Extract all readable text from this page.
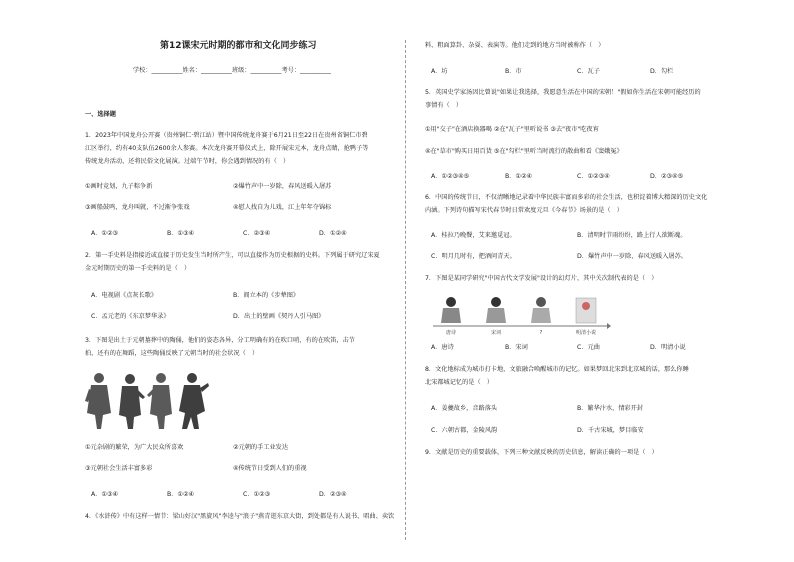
第12课宋元时期的都市和文化同步练习
学校：__________姓名：__________班级：__________考号：__________
一、选择题
1．2023年中国龙舟公开赛（贵州铜仁·碧江站）暨中国传统龙舟赛于6月21日至22日在贵州省铜仁市碧
江区举行，约有40支队伍2600余人参赛。本次龙舟赛开幕仪式上，除开展宋元本，龙舟点睛，抢鸭子等
传统龙舟活动，还将民俗文化展演。过端午节时，你会遇到情况的有（　）
①画时竞划，九子粽争新	②爆竹声中一岁除，春风送暖入屠苏
③画船鼓鸣，龙舟叫就，不过渐争张戏	④慰人找自为儿戏，江上年年夺锦标
A．①②③	B．①③④	C．②③④	D．①②④
2．第一手史料是指接近或直接于历史发生当时所产生，可以直接作为历史根据的史料。下列属于研究辽宋夏
金元时期历史的第一手史料的是（　）
A．电视剧《点灰长歌》	B．阎立本的《步辇图》
C．孟元老的《东京梦华录》	D．出土的壁画《契丹人引马图》
3．下图是出土于元朝墓葬中的陶俑，他们的姿态各异，分工明确有的在吹口哨，有的在吹笛，击节
拍，还有的在舞蹈，这些陶俑反映了元朝当时的社会状况（　）
①元杂剧的繁荣，为广大民众所喜欢	②元朝的手工业发达
③元朝社会生活丰富多彩	④传统节日受到人们的重视
A．①③④	B．①②④	C．①②③	D．②③④
4．《水浒传》中有这样一情节：梁山好汉"黑旋风"李逵与"浪子"燕青逛东京大街，到处都是有人说书、唱曲、卖饮
料、粗面算卦、杂耍、表演等。他们走到的地方当时被称作（　）
A．坊	B．市	C．瓦子	D．勾栏
5．英国史学家汤因比曾说"如果让我选择，我愿意生活在中国的宋朝！"假如你生活在宋朝可能经历的
事情有（　）
①用"交子"在酒店换器喝 ②在"瓦子"里听说书 ③去"夜市"吃夜宵
④在"草市"购买日用百货 ⑤在"勾栏"里听当时流行的散曲和看《窦娥冤》
A．①②③④⑤	B．①②④	C．①②③④	D．②③④⑤
6．中国的传统节日，不仅清晰地记录着中华民族丰富而多彩的社会生活，也积淀着博大精深的历史文化
内涵。下列诗句描写宋代春节时日常欢度元旦《今春节》场景的是（　）
A．桂拉乃晚餐，艾来邀觅冠。	B．清明时节雨纷纷，路上行人欲断魂。
C．明月几时有，把酒问青天。	D．爆竹声中一岁除，春风送暖入屠苏。
7．下图是某同学研究"中国古代文学发展"设计的幻灯片，其中关次制代表的是（　）
唐诗	宋词	?	明清小说
A．唐诗	B．宋词	C．元曲	D．明清小说
8．文化地标成为城市打卡地，文旅融合唤醒城市的记忆。如果梦回北宋到北京城的话，那么你睡
北宋都城记忆的是（　）
A．姜夔故乡，音路落头	B．繁华汴水，情彩开封
C．六朝古都，金陵风韵	D．千古宋城，梦目临安
9．文献是历史的重要载体，下列三种文献反映的历史信息，解读正确的一项是（　）
